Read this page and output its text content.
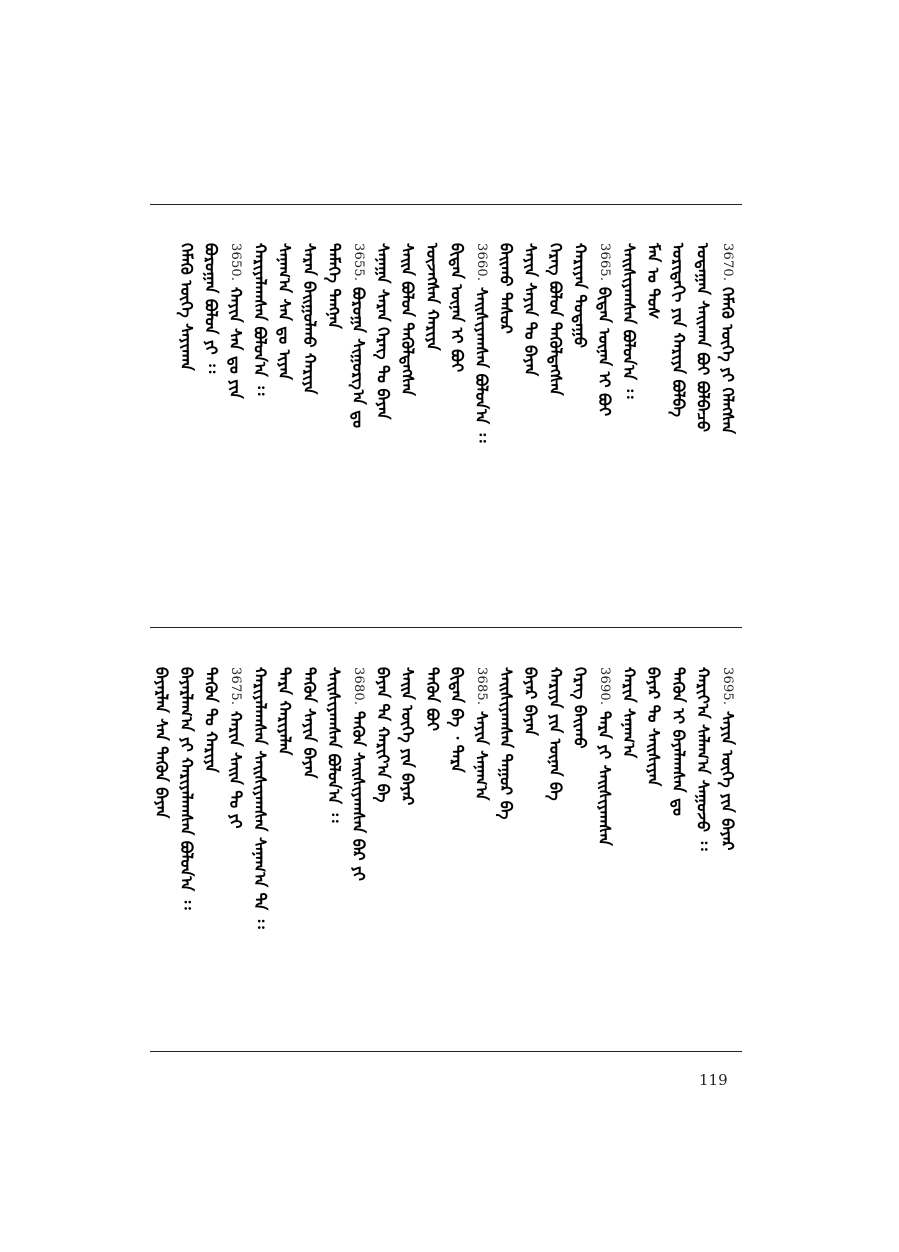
3670.
ᠬᠡᠮᠡᠬᠦ ᠦᠭᠡ ᠶᠢ ᠬᠡᠯᠡᠭᠰᠡᠨ
ᠤᠳᠠᠭᠠᠨ ᠰᠠᠢᠬᠠᠨ ᠪᠤᠢ ᠪᠣᠯᠪᠠᠴᠤ
ᠤᠷᠢᠳᠠᠬᠢ ᠶᠢᠨ ᠬᠠᠷᠢᠶᠠ ᠪᠣᠯᠪᠠ
ᠮᠠᠨ ᠤ ᠲᠤᠰ
ᠰᠠᠢᠰᠢᠶᠠᠭᠰᠠᠨ ᠪᠣᠯᠤᠨ᠎ᠠ ᠄᠄
3665.
ᠪᠢᠳᠡᠨ ᠦᠨᠡᠨ ᠢ ᠪᠤᠢ
ᠬᠠᠷᠢᠶᠠᠨ ᠳᠤᠲᠠᠭᠤ
ᠬᠡᠷᠡᠭ ᠪᠣᠯᠤᠨ ᠲᠡᠭᠦᠯᠳᠡᠭᠰᠡᠨ
ᠰᠠᠶᠢᠨ ᠰᠠᠶᠢᠨ ᠲᠤ ᠪᠠᠶᠠᠨ
ᠪᠠᠢᠬᠤ ᠲᠠᠰᠤᠷ
3660.
ᠰᠠᠢᠰᠢᠶᠠᠭᠰᠠᠨ ᠪᠣᠯᠤᠨ᠎ᠠ ᠄᠄
ᠪᠢᠳᠡᠨ ᠦᠨᠡᠨ ᠢ ᠪᠤᠢ
ᠦᠵᠡᠭᠰᠡᠨ ᠬᠠᠷᠢᠶᠠ
ᠰᠠᠢᠨ ᠪᠣᠯᠤᠨ ᠲᠡᠭᠦᠯᠳᠡᠭᠰᠡᠨ
ᠰᠠᠨᠠᠭᠠ ᠰᠠᠷᠠᠨ ᠬᠡᠷᠡᠭ ᠲᠤ ᠪᠠᠶᠠᠨ
3655.
ᠪᠣᠷᠤᠭᠠ ᠰᠢᠭᠤᠷᠭ᠎ᠠ ᠳᠤ
ᠲᠡᠮᠡᠭᠡ ᠲᠠᠩᠨᠠᠨ
ᠰᠠᠷᠠᠨ ᠪᠠᠢᠭᠤᠯᠬᠤ ᠬᠠᠷᠢᠶᠠ
ᠰᠠᠨᠠᠭ᠎ᠠ ᠰᠠᠨ ᠳᠤ ᠢᠶᠠᠨ
ᠬᠠᠷᠢᠶᠠᠯᠠᠭᠰᠠᠨ ᠪᠣᠯᠤᠨ᠎ᠠ ᠄᠄
3650.
ᠬᠠᠶᠢᠨ ᠰᠠᠨ ᠳᠤ ᠶᠢᠨ
ᠪᠣᠷᠤᠭᠠᠨ ᠪᠣᠯᠤᠨ ᠶᠢ ᠄᠄
ᠬᠡᠮᠡᠬᠦ ᠦᠭᠡ ᠰᠠᠶᠢᠬᠠᠨ
3695.
ᠰᠠᠶᠢᠨ ᠦᠭᠡ ᠶᠢᠨ ᠪᠠᠶᠠᠷ
ᠬᠠᠷᠢᠶ᠎ᠠ ᠰᠠᠯᠠᠭ᠎ᠠ ᠰᠠᠭᠤᠵᠤ ᠄᠄
ᠲᠡᠭᠦᠨ ᠢ ᠪᠠᠶᠠᠯᠠᠭᠰᠠᠨ ᠳᠤ
ᠪᠠᠶᠠᠷ ᠲᠤ ᠰᠠᠢᠰᠢᠶᠠᠨ
ᠬᠠᠷᠢᠨ ᠰᠠᠨᠠᠭ᠎ᠠ
3690.
ᠲᠡᠷᠡ ᠶᠢ ᠰᠠᠢᠰᠢᠶᠠᠭᠰᠠᠨ
ᠬᠡᠷᠡᠭ ᠪᠠᠢᠬᠤ
ᠬᠠᠷᠢᠶᠠ ᠶᠢᠨ ᠦᠨᠡᠨ ᠪᠠ
ᠪᠠᠶᠠᠷ ᠪᠠᠶᠠᠨ
ᠰᠠᠢᠰᠢᠶᠠᠭᠰᠠᠨ ᠲᠠᠭᠤᠷ ᠪᠠ
3685.
ᠰᠠᠶᠢᠨ ᠰᠠᠨᠠᠭ᠎ᠠ
ᠪᠢᠳᠡᠨ ᠪᠠ ᠂ ᠲᠡᠷᠡ
ᠲᠡᠭᠦᠨ ᠪᠤᠢ
ᠰᠠᠢᠨ ᠦᠭᠡ ᠶᠢᠨ ᠪᠠᠶᠠᠷ
ᠪᠠᠶᠠᠨ ᠲᠡ ᠬᠠᠷᠢᠶ᠎ᠠ ᠪᠠ
3680.
ᠲᠡᠭᠦᠨ ᠰᠠᠢᠰᠢᠶᠠᠭᠰᠠᠨ ᠪᠠᠷ ᠶᠢ
ᠰᠠᠢᠰᠢᠶᠠᠭᠰᠠᠨ ᠪᠣᠯᠤᠨ᠎ᠠ ᠄᠄
ᠲᠡᠭᠦᠨ ᠰᠠᠶᠢᠨ ᠪᠠᠶᠠᠨ
ᠲᠡᠷᠡ ᠬᠠᠷᠢᠶᠠᠯᠠᠨ
ᠬᠠᠷᠢᠶᠠᠯᠠᠭᠰᠠᠨ ᠰᠠᠢᠰᠢᠶᠠᠭᠰᠠᠨ ᠰᠠᠨᠠᠭ᠎ᠠ ᠲᠡ ᠄᠄
3675.
ᠬᠠᠷᠢᠨ ᠰᠠᠢᠨ ᠲᠤ ᠶᠢ
ᠲᠡᠭᠦᠨ ᠲᠤ ᠬᠠᠷᠢᠶᠠ
ᠪᠠᠶᠠᠷᠯᠠᠭ᠎ᠠ ᠶᠢ ᠬᠠᠷᠢᠶᠠᠯᠠᠭᠰᠠᠨ ᠪᠣᠯᠤᠨ᠎ᠠ ᠄᠄
ᠪᠠᠶᠠᠷᠯᠠᠨ ᠰᠠᠨ ᠲᠡᠭᠦᠨ ᠪᠠᠶᠠᠨ
119
